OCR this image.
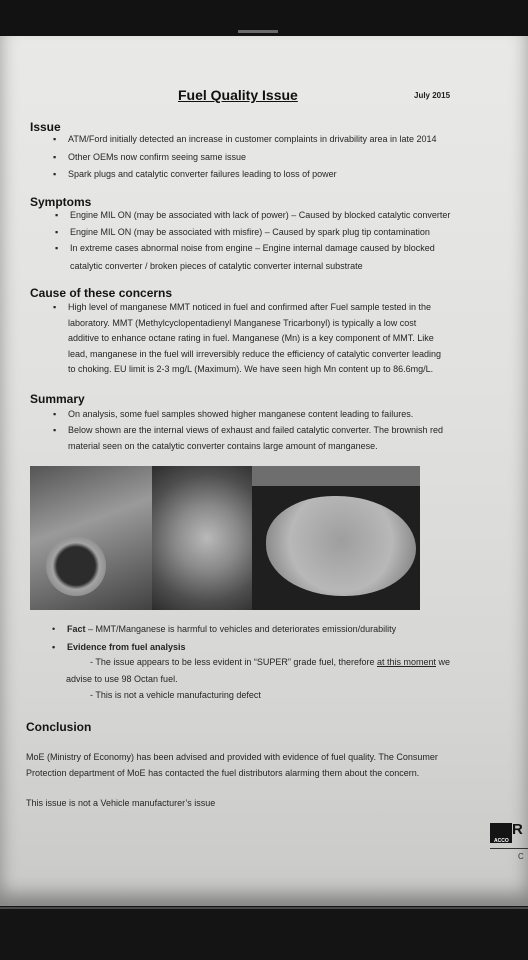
Fuel Quality Issue	July 2015
Issue
▪ ATM/Ford initially detected an increase in customer complaints in drivability area in late 2014
▪ Other OEMs now confirm seeing same issue
▪ Spark plugs and catalytic converter failures leading to loss of power
Symptoms
▪ Engine MIL ON (may be associated with lack of power) – Caused by blocked catalytic converter
▪ Engine MIL ON (may be associated with misfire) – Caused by spark plug tip contamination
▪ In extreme cases abnormal noise from engine – Engine internal damage caused by blocked
catalytic converter / broken pieces of catalytic converter internal substrate
Cause of these concerns
▪ High level of manganese MMT noticed in fuel and confirmed after Fuel sample tested in the
laboratory. MMT (Methylcyclopentadienyl Manganese Tricarbonyl) is typically a low cost
additive to enhance octane rating in fuel. Manganese (Mn) is a key component of MMT. Like
lead, manganese in the fuel will irreversibly reduce the efficiency of catalytic converter leading
to choking. EU limit is 2-3 mg/L (Maximum). We have seen high Mn content up to 86.6mg/L.
Summary
▪ On analysis, some fuel samples showed higher manganese content leading to failures.
▪ Below shown are the internal views of exhaust and failed catalytic converter. The brownish red
material seen on the catalytic converter contains large amount of manganese.
• Fact – MMT/Manganese is harmful to vehicles and deteriorates emission/durability
• Evidence from fuel analysis
- The issue appears to be less evident in “SUPER” grade fuel, therefore at this moment we
advise to use 98 Octan fuel.
- This is not a vehicle manufacturing defect
Conclusion
MoE (Ministry of Economy) has been advised and provided with evidence of fuel quality. The Consumer
Protection department of MoE has contacted the fuel distributors alarming them about the concern.
This issue is not a Vehicle manufacturer’s issue
R
ACCO
C
